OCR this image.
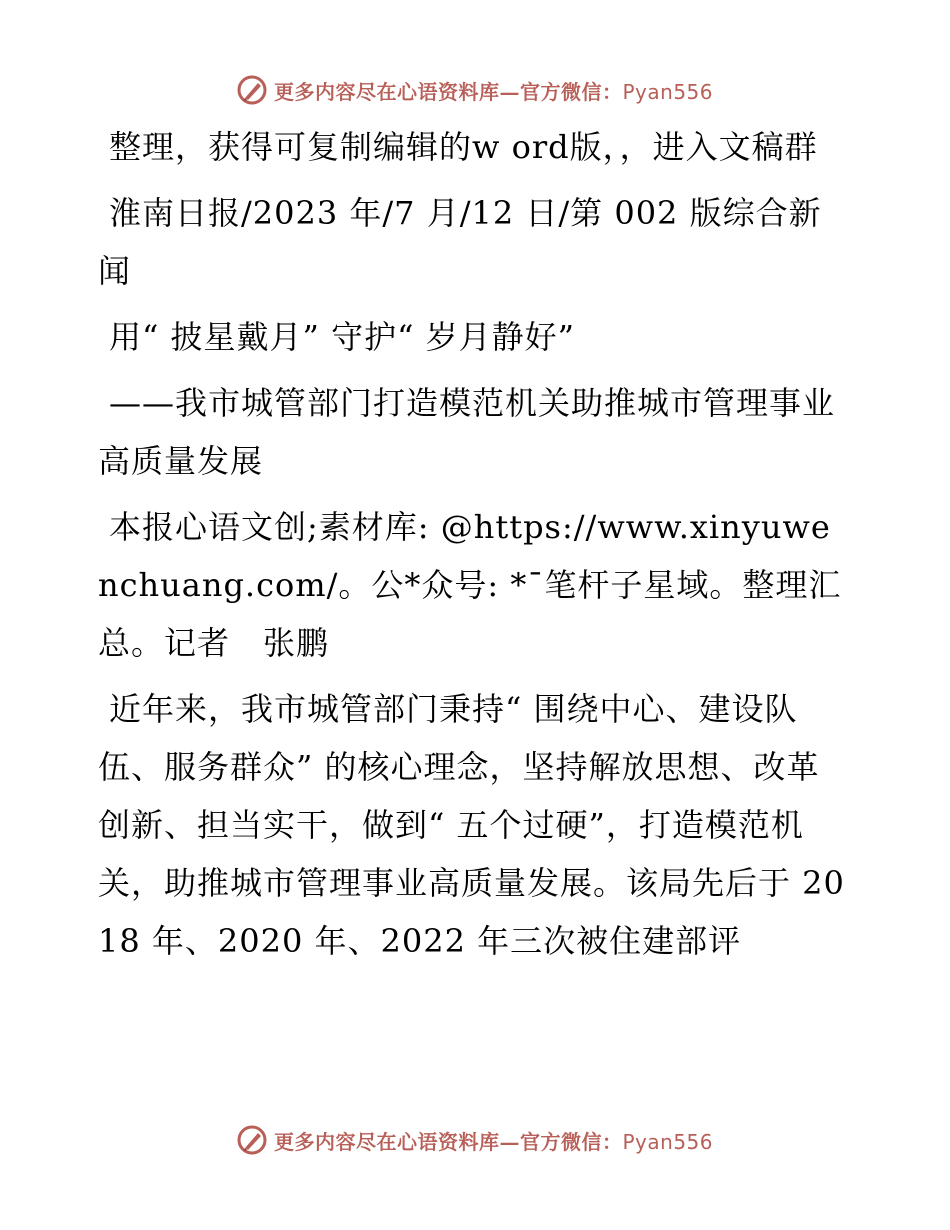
更多内容尽在心语资料库—官方微信：Pyan556

整理，获得可复制编辑的w ord版，，进入文稿群

淮南日报/2023 年/7 月/12 日/第 002 版综合新闻

用“ 披星戴月” 守护“ 岁月静好”

——我市城管部门打造模范机关助推城市管理事业高质量发展

本报心语文创;素材库: @https://www.xinyuwenchuang.com/。公*众号: *¯笔杆子星域。整理汇总。记者　张鹏

近年来，我市城管部门秉持“ 围绕中心、建设队伍、服务群众” 的核心理念，坚持解放思想、改革创新、担当实干，做到“ 五个过硬”，打造模范机关，助推城市管理事业高质量发展。该局先后于 2018 年、2020 年、2022 年三次被住建部评

更多内容尽在心语资料库—官方微信：Pyan556
